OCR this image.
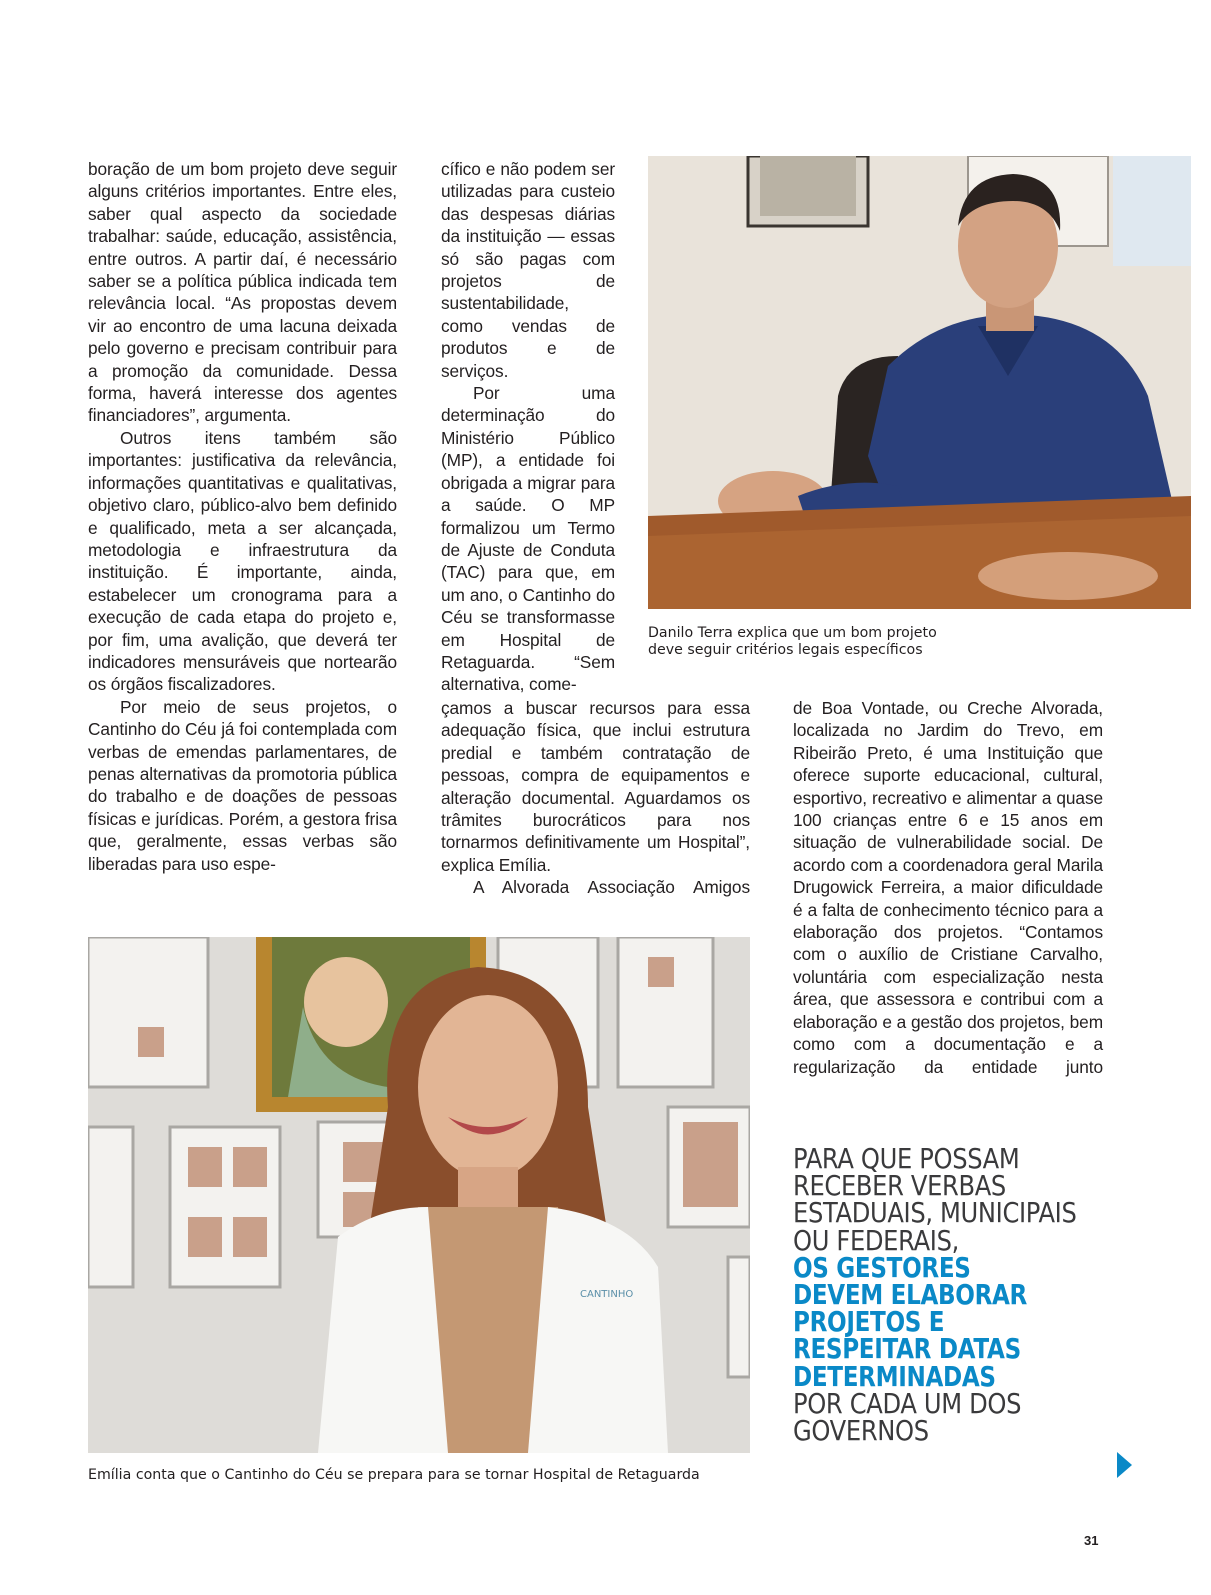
boração de um bom projeto deve seguir alguns critérios importantes. Entre eles, saber qual aspecto da sociedade trabalhar: saúde, educação, assistência, entre outros. A partir daí, é necessário saber se a política pública indicada tem relevância local. “As propostas devem vir ao encontro de uma lacuna deixada pelo governo e precisam contribuir para a promoção da comunidade. Dessa forma, haverá interesse dos agentes financiadores”, argumenta.

Outros itens também são importantes: justificativa da relevância, informações quantitativas e qualitativas, objetivo claro, público-alvo bem definido e qualificado, meta a ser alcançada, metodologia e infraestrutura da instituição. É importante, ainda, estabelecer um cronograma para a execução de cada etapa do projeto e, por fim, uma avalição, que deverá ter indicadores mensuráveis que nortearão os órgãos fiscalizadores.

Por meio de seus projetos, o Cantinho do Céu já foi contemplada com verbas de emendas parlamentares, de penas alternativas da promotoria pública do trabalho e de doações de pessoas físicas e jurídicas. Porém, a gestora frisa que, geralmente, essas verbas são liberadas para uso espe-

cífico e não podem ser utilizadas para custeio das despesas diárias da instituição — essas só são pagas com projetos de sustentabilidade, como vendas de produtos e de serviços.

Por uma determinação do Ministério Público (MP), a entidade foi obrigada a migrar para a saúde. O MP formalizou um Termo de Ajuste de Conduta (TAC) para que, em um ano, o Cantinho do Céu se transformasse em Hospital de Retaguarda. “Sem alternativa, come-

çamos a buscar recursos para essa adequação física, que inclui estrutura predial e também contratação de pessoas, compra de equipamentos e alteração documental. Aguardamos os trâmites burocráticos para nos tornarmos definitivamente um Hospital”, explica Emília.

A Alvorada Associação Amigos

de Boa Vontade, ou Creche Alvorada, localizada no Jardim do Trevo, em Ribeirão Preto, é uma Instituição que oferece suporte educacional, cultural, esportivo, recreativo e alimentar a quase 100 crianças entre 6 e 15 anos em situação de vulnerabilidade social. De acordo com a coordenadora geral Marila Drugowick Ferreira, a maior dificuldade é a falta de conhecimento técnico para a elaboração dos projetos. “Contamos com o auxílio de Cristiane Carvalho, voluntária com especialização nesta área, que assessora e contribui com a elaboração e a gestão dos projetos, bem como com a documentação e a regularização da entidade junto

Danilo Terra explica que um bom projeto
deve seguir critérios legais específicos
CANTINHO
Emília conta que o Cantinho do Céu se prepara para se tornar Hospital de Retaguarda
PARA QUE POSSAM
RECEBER VERBAS
ESTADUAIS, MUNICIPAIS
OU FEDERAIS,
OS GESTORES
DEVEM ELABORAR
PROJETOS E
RESPEITAR DATAS
DETERMINADAS
POR CADA UM DOS
GOVERNOS
31
